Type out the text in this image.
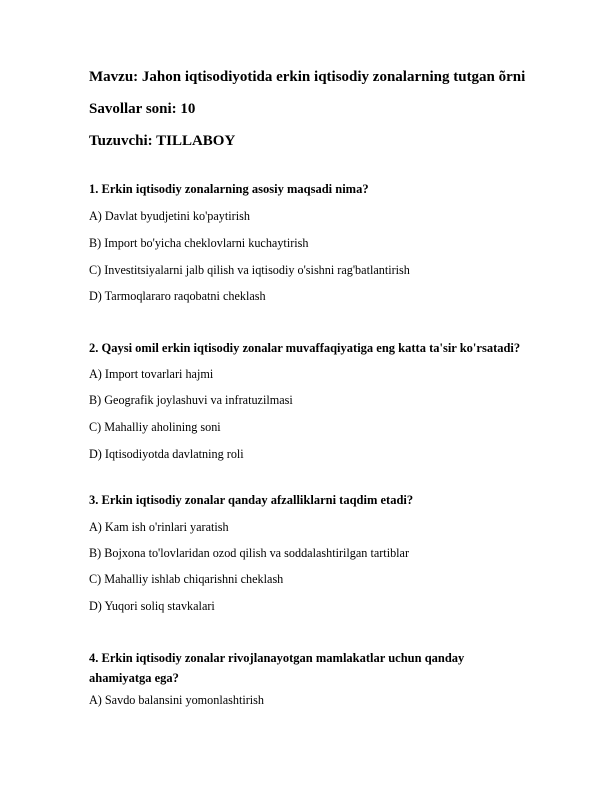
Mavzu: Jahon iqtisodiyotida erkin iqtisodiy zonalarning tutgan õrni
Savollar soni: 10
Tuzuvchi: TILLABOY
1. Erkin iqtisodiy zonalarning asosiy maqsadi nima?
A) Davlat byudjetini ko'paytirish
B) Import bo'yicha cheklovlarni kuchaytirish
C) Investitsiyalarni jalb qilish va iqtisodiy o'sishni rag'batlantirish
D) Tarmoqlararo raqobatni cheklash
2. Qaysi omil erkin iqtisodiy zonalar muvaffaqiyatiga eng katta ta'sir ko'rsatadi?
A) Import tovarlari hajmi
B) Geografik joylashuvi va infratuzilmasi
C) Mahalliy aholining soni
D) Iqtisodiyotda davlatning roli
3. Erkin iqtisodiy zonalar qanday afzalliklarni taqdim etadi?
A) Kam ish o'rinlari yaratish
B) Bojxona to'lovlaridan ozod qilish va soddalashtirilgan tartiblar
C) Mahalliy ishlab chiqarishni cheklash
D) Yuqori soliq stavkalari
4. Erkin iqtisodiy zonalar rivojlanayotgan mamlakatlar uchun qanday ahamiyatga ega?
A) Savdo balansini yomonlashtirish
